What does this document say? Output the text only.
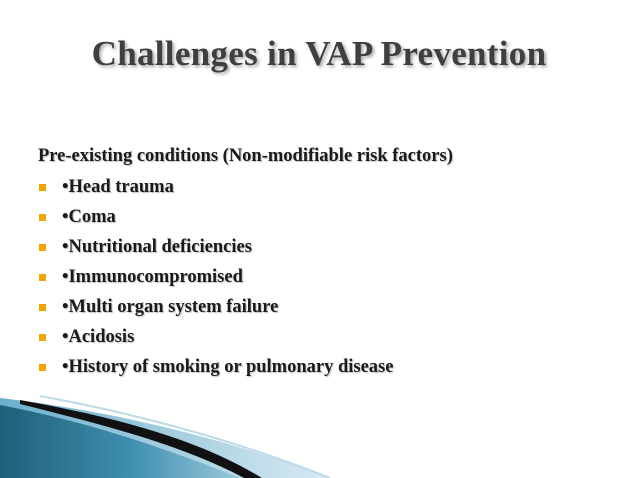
Challenges in VAP Prevention
Pre-existing conditions (Non-modifiable risk factors)
•Head trauma
•Coma
•Nutritional deficiencies
•Immunocompromised
•Multi organ system failure
•Acidosis
•History of smoking or pulmonary disease
